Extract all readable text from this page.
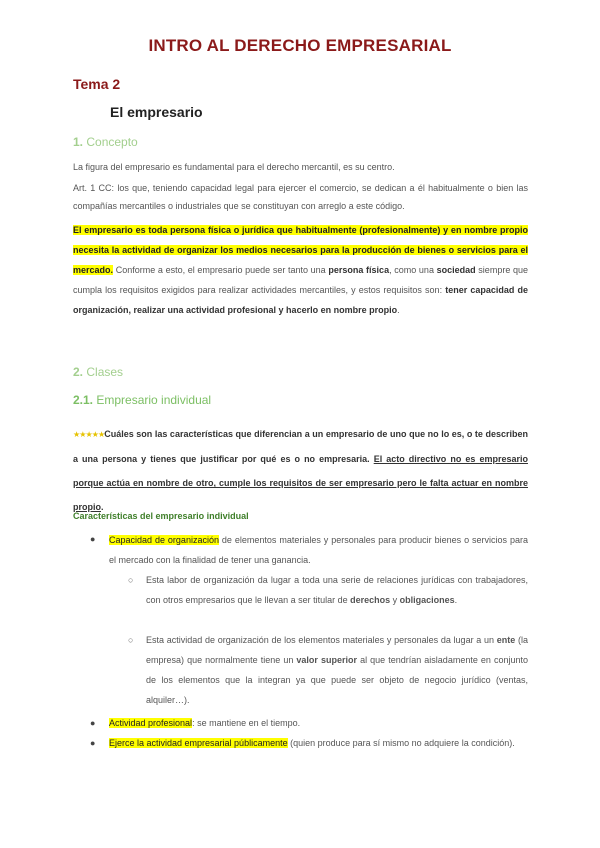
INTRO AL DERECHO EMPRESARIAL
Tema 2
El empresario
1. Concepto
La figura del empresario es fundamental para el derecho mercantil, es su centro.
Art. 1 CC: los que, teniendo capacidad legal para ejercer el comercio, se dedican a él habitualmente o bien las compañías mercantiles o industriales que se constituyan con arreglo a este código.
El empresario es toda persona física o jurídica que habitualmente (profesionalmente) y en nombre propio necesita la actividad de organizar los medios necesarios para la producción de bienes o servicios para el mercado. Conforme a esto, el empresario puede ser tanto una persona física, como una sociedad siempre que cumpla los requisitos exigidos para realizar actividades mercantiles, y estos requisitos son: tener capacidad de organización, realizar una actividad profesional y hacerlo en nombre propio.
2. Clases
2.1. Empresario individual
★★★★★Cuáles son las características que diferencian a un empresario de uno que no lo es, o te describen a una persona y tienes que justificar por qué es o no empresaria. El acto directivo no es empresario porque actúa en nombre de otro, cumple los requisitos de ser empresario pero le falta actuar en nombre propio.
Características del empresario individual
● Capacidad de organización de elementos materiales y personales para producir bienes o servicios para el mercado con la finalidad de tener una ganancia.
○ Esta labor de organización da lugar a toda una serie de relaciones jurídicas con trabajadores, con otros empresarios que le llevan a ser titular de derechos y obligaciones.
○ Esta actividad de organización de los elementos materiales y personales da lugar a un ente (la empresa) que normalmente tiene un valor superior al que tendrían aisladamente en conjunto de los elementos que la integran ya que puede ser objeto de negocio jurídico (ventas, alquiler…).
● Actividad profesional: se mantiene en el tiempo.
● Ejerce la actividad empresarial públicamente (quien produce para sí mismo no adquiere la condición).
